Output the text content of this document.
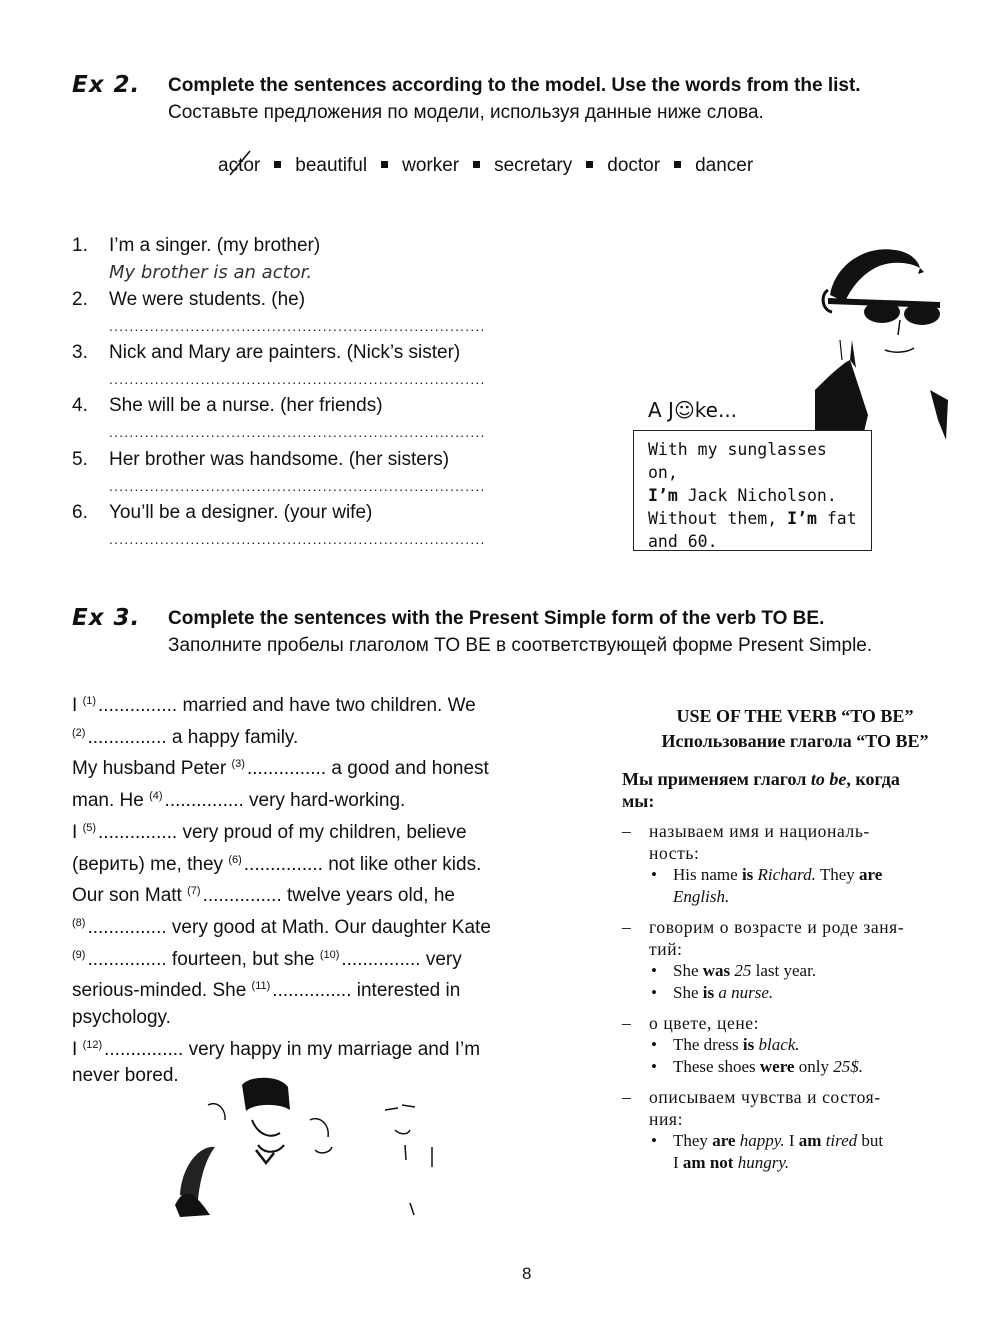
Ex 2. Complete the sentences according to the model. Use the words from the list.
Составьте предложения по модели, используя данные ниже слова.
actor beautiful worker secretary doctor dancer
1. I’m a singer. (my brother)
My brother is an actor.
2. We were students. (he)
..........................................................................
3. Nick and Mary are painters. (Nick’s sister)
..........................................................................
4. She will be a nurse. (her friends)
..........................................................................
5. Her brother was handsome. (her sisters)
..........................................................................
6. You’ll be a designer. (your wife)
..........................................................................
A J☺ke...
With my sunglasses on,
I’m Jack Nicholson.
Without them, I’m fat
and 60.
Ex 3. Complete the sentences with the Present Simple form of the verb TO BE.
Заполните пробелы глаголом TO BE в соответствующей форме Present Simple.
I $^{(1)}$ ............... married and have two children. We
$^{(2)}$ ............... a happy family.
My husband Peter $^{(3)}$ ............... a good and honest
man. He $^{(4)}$ ............... very hard-working.
I $^{(5)}$ ............... very proud of my children, believe
(верить) me, they $^{(6)}$ ............... not like other kids.
Our son Matt $^{(7)}$ ............... twelve years old, he
$^{(8)}$ ............... very good at Math. Our daughter Kate
$^{(9)}$ ............... fourteen, but she $^{(10)}$ ............... very
serious-minded. She $^{(11)}$ ............... interested in
psychology.
I $^{(12)}$ ............... very happy in my marriage and I’m
never bored.
USE OF THE VERB “TO BE”
Использование глагола “TO BE”
Мы применяем глагол to be, когда
мы:
– называем имя и националь-
ность:
• His name is Richard. They are
English.
– говорим о возрасте и роде заня-
тий:
• She was 25 last year.
• She is a nurse.
– о цвете, цене:
• The dress is black.
• These shoes were only 25$.
– описываем чувства и состоя-
ния:
• They are happy. I am tired but
I am not hungry.
8
